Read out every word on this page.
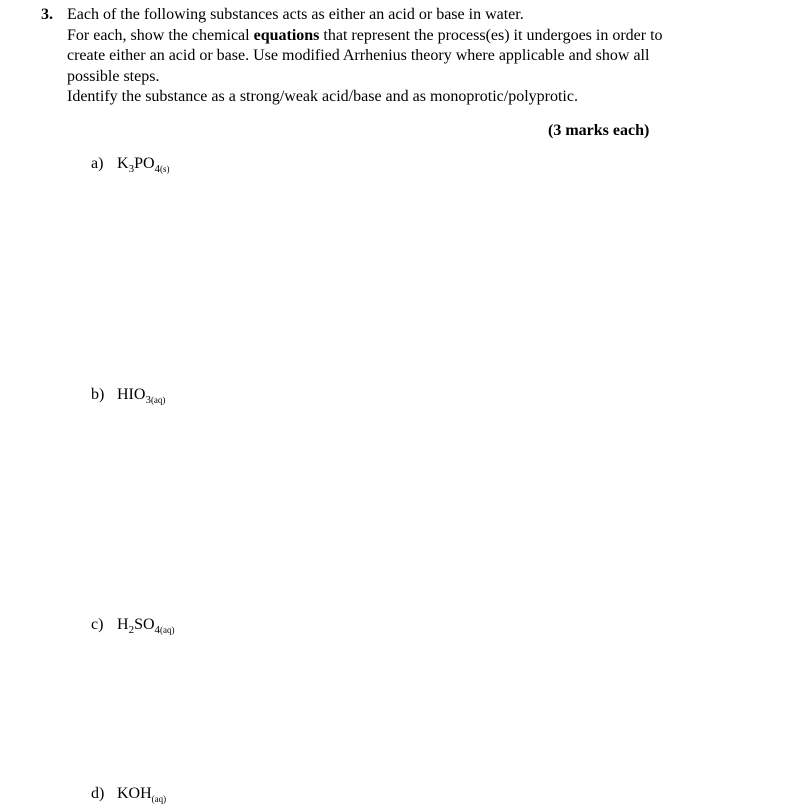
3. Each of the following substances acts as either an acid or base in water.
For each, show the chemical equations that represent the process(es) it undergoes in order to
create either an acid or base. Use modified Arrhenius theory where applicable and show all
possible steps.
Identify the substance as a strong/weak acid/base and as monoprotic/polyprotic.
(3 marks each)
a) $K_3PO_{4(s)}$
b) $HIO_{3(aq)}$
c) $H_2SO_{4(aq)}$
d) $KOH_{(aq)}$
